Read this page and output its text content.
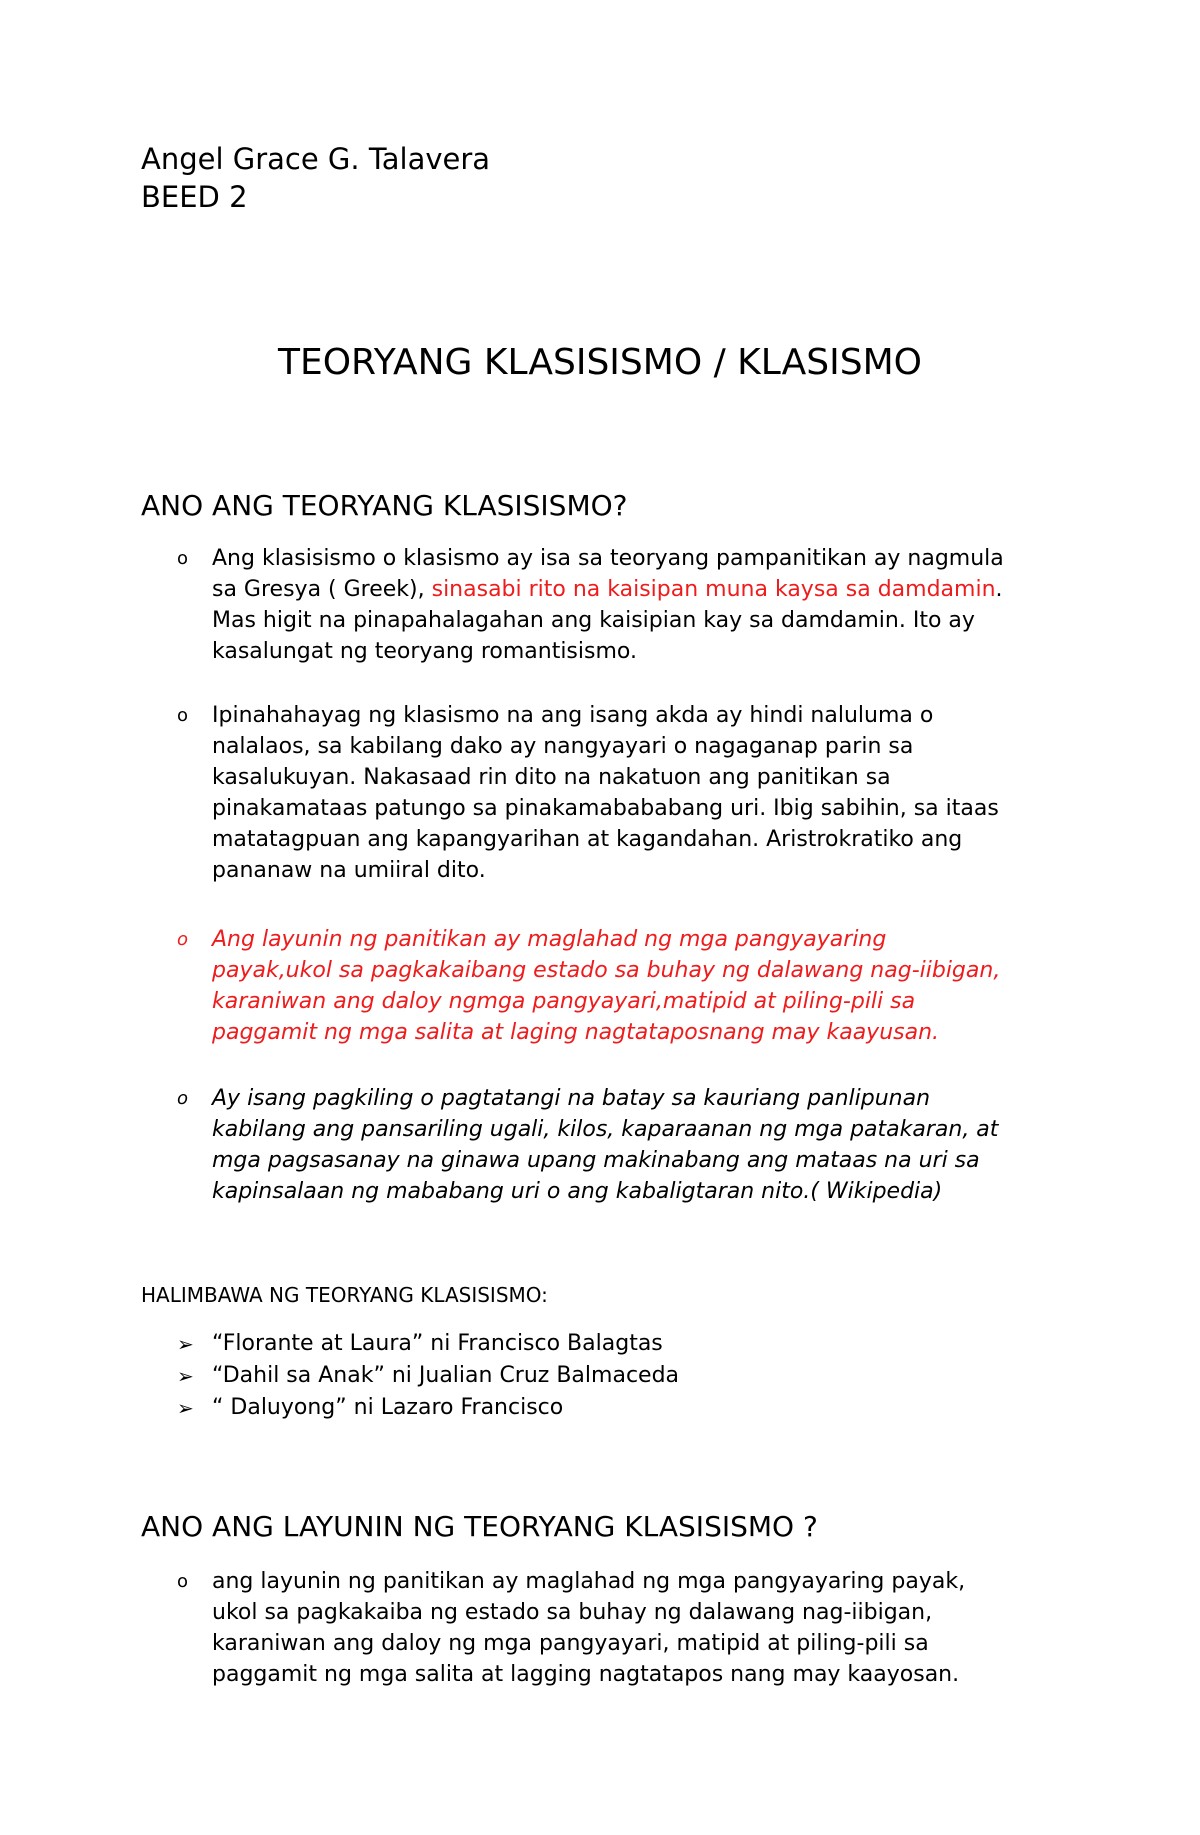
Angel Grace G. Talavera
BEED 2
TEORYANG KLASISISMO / KLASISMO
ANO ANG TEORYANG KLASISISMO?
o	Ang klasisismo o klasismo ay isa sa teoryang pampanitikan ay nagmula
sa Gresya ( Greek), sinasabi rito na kaisipan muna kaysa sa damdamin.
Mas higit na pinapahalagahan ang kaisipian kay sa damdamin. Ito ay
kasalungat ng teoryang romantisismo.
o	Ipinahahayag ng klasismo na ang isang akda ay hindi naluluma o
nalalaos, sa kabilang dako ay nangyayari o nagaganap parin sa
kasalukuyan. Nakasaad rin dito na nakatuon ang panitikan sa
pinakamataas patungo sa pinakamabababang uri. Ibig sabihin, sa itaas
matatagpuan ang kapangyarihan at kagandahan. Aristrokratiko ang
pananaw na umiiral dito.
o	Ang layunin ng panitikan ay maglahad ng mga pangyayaring
payak,ukol sa pagkakaibang estado sa buhay ng dalawang nag-iibigan,
karaniwan ang daloy ngmga pangyayari,matipid at piling-pili sa
paggamit ng mga salita at laging nagtataposnang may kaayusan.
o	Ay isang pagkiling o pagtatangi na batay sa kauriang panlipunan
kabilang ang pansariling ugali, kilos, kaparaanan ng mga patakaran, at
mga pagsasanay na ginawa upang makinabang ang mataas na uri sa
kapinsalaan ng mababang uri o ang kabaligtaran nito.( Wikipedia)
HALIMBAWA NG TEORYANG KLASISISMO:
➢ “Florante at Laura” ni Francisco Balagtas
➢ “Dahil sa Anak” ni Jualian Cruz Balmaceda
➢ “ Daluyong” ni Lazaro Francisco
ANO ANG LAYUNIN NG TEORYANG KLASISISMO ?
o	ang layunin ng panitikan ay maglahad ng mga pangyayaring payak,
ukol sa pagkakaiba ng estado sa buhay ng dalawang nag-iibigan,
karaniwan ang daloy ng mga pangyayari, matipid at piling-pili sa
paggamit ng mga salita at lagging nagtatapos nang may kaayosan.
